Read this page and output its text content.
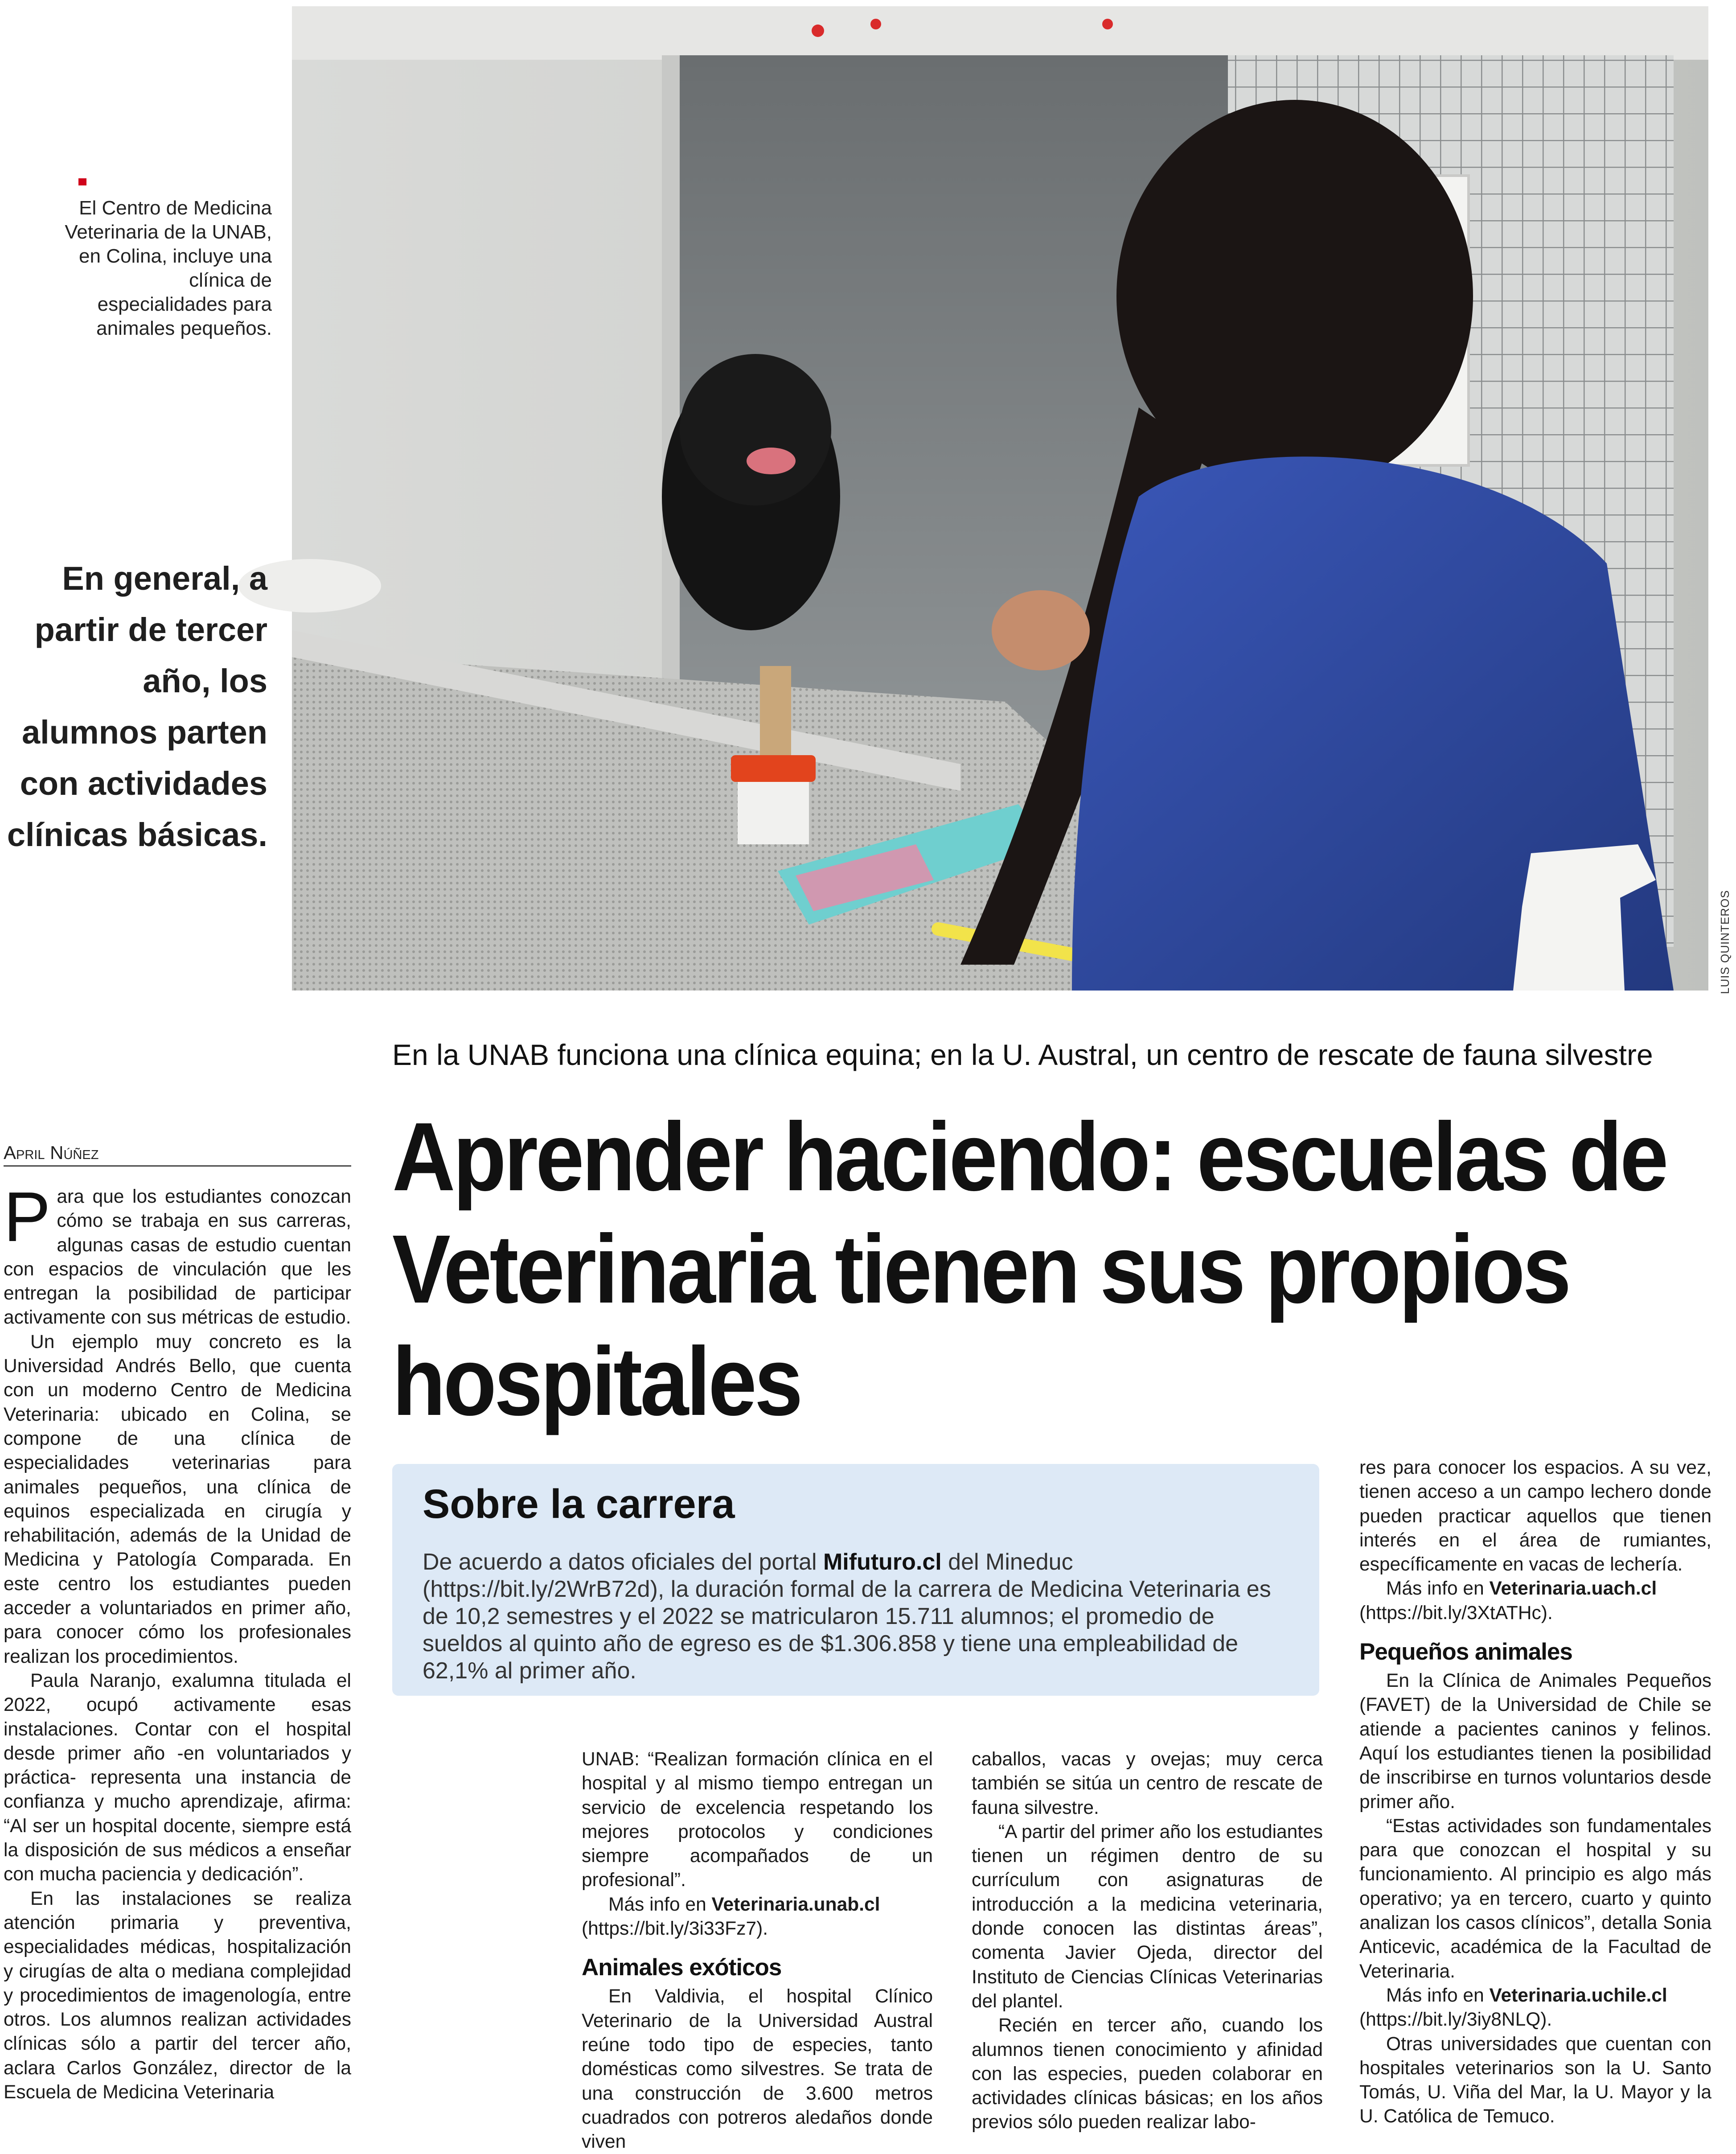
LUIS QUINTEROS
El Centro de Medicina Veterinaria de la UNAB, en Colina, incluye una clínica de especialidades para animales pequeños.
En general, a partir de tercer año, los alumnos parten con actividades clínicas básicas.
En la UNAB funciona una clínica equina; en la U. Austral, un centro de rescate de fauna silvestre
Aprender haciendo: escuelas de Veterinaria tienen sus propios hospitales
April Núñez

Para que los estudiantes conozcan cómo se trabaja en sus carreras, algunas casas de estudio cuentan con espacios de vinculación que les entregan la posibilidad de participar activamente con sus métricas de estudio.

Un ejemplo muy concreto es la Universidad Andrés Bello, que cuenta con un moderno Centro de Medicina Veterinaria: ubicado en Colina, se compone de una clínica de especialidades veterinarias para animales pequeños, una clínica de equinos especializada en cirugía y rehabilitación, además de la Unidad de Medicina y Patología Comparada. En este centro los estudiantes pueden acceder a voluntariados en primer año, para conocer cómo los profesionales realizan los procedimientos.

Paula Naranjo, exalumna titulada el 2022, ocupó activamente esas instalaciones. Contar con el hospital desde primer año -en voluntariados y práctica- representa una instancia de confianza y mucho aprendizaje, afirma: “Al ser un hospital docente, siempre está la disposición de sus médicos a enseñar con mucha paciencia y dedicación”.

En las instalaciones se realiza atención primaria y preventiva, especialidades médicas, hospitalización y cirugías de alta o mediana complejidad y procedimientos de imagenología, entre otros. Los alumnos realizan actividades clínicas sólo a partir del tercer año, aclara Carlos González, director de la Escuela de Medicina Veterinaria

Sobre la carrera
De acuerdo a datos oficiales del portal Mifuturo.cl del Mineduc (https://bit.ly/2WrB72d), la duración formal de la carrera de Medicina Veterinaria es de 10,2 semestres y el 2022 se matricularon 15.711 alumnos; el promedio de sueldos al quinto año de egreso es de $1.306.858 y tiene una empleabilidad de 62,1% al primer año.

UNAB: “Realizan formación clínica en el hospital y al mismo tiempo entregan un servicio de excelencia respetando los mejores protocolos y condiciones siempre acompañados de un profesional”.

Más info en Veterinaria.unab.cl

(https://bit.ly/3i33Fz7).

Animales exóticos

En Valdivia, el hospital Clínico Veterinario de la Universidad Austral reúne todo tipo de especies, tanto domésticas como silvestres. Se trata de una construcción de 3.600 metros cuadrados con potreros aledaños donde viven

caballos, vacas y ovejas; muy cerca también se sitúa un centro de rescate de fauna silvestre.

“A partir del primer año los estudiantes tienen un régimen dentro de su currículum con asignaturas de introducción a la medicina veterinaria, donde conocen las distintas áreas”, comenta Javier Ojeda, director del Instituto de Ciencias Clínicas Veterinarias del plantel.

Recién en tercer año, cuando los alumnos tienen conocimiento y afinidad con las especies, pueden colaborar en actividades clínicas básicas; en los años previos sólo pueden realizar labo-

res para conocer los espacios. A su vez, tienen acceso a un campo lechero donde pueden practicar aquellos que tienen interés en el área de rumiantes, específicamente en vacas de lechería.

Más info en Veterinaria.uach.cl

(https://bit.ly/3XtATHc).

Pequeños animales

En la Clínica de Animales Pequeños (FAVET) de la Universidad de Chile se atiende a pacientes caninos y felinos. Aquí los estudiantes tienen la posibilidad de inscribirse en turnos voluntarios desde primer año.

“Estas actividades son fundamentales para que conozcan el hospital y su funcionamiento. Al principio es algo más operativo; ya en tercero, cuarto y quinto analizan los casos clínicos”, detalla Sonia Anticevic, académica de la Facultad de Veterinaria.

Más info en Veterinaria.uchile.cl

(https://bit.ly/3iy8NLQ).

Otras universidades que cuentan con hospitales veterinarios son la U. Santo Tomás, U. Viña del Mar, la U. Mayor y la U. Católica de Temuco.
